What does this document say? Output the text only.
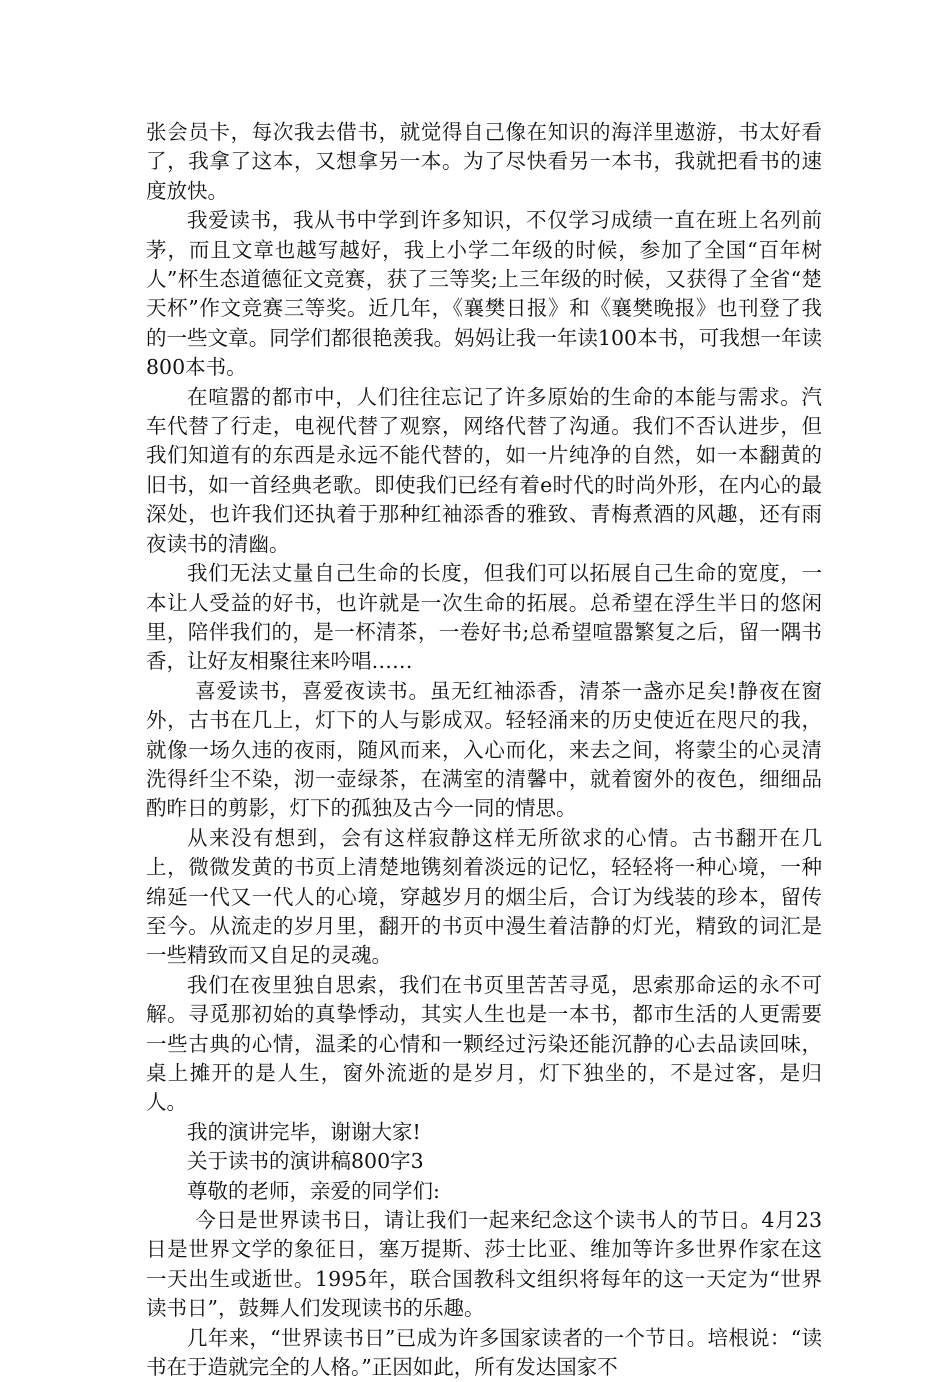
张会员卡，每次我去借书，就觉得自己像在知识的海洋里遨游，书太好看了，我拿了这本，又想拿另一本。为了尽快看另一本书，我就把看书的速度放快。

我爱读书，我从书中学到许多知识，不仅学习成绩一直在班上名列前茅，而且文章也越写越好，我上小学二年级的时候，参加了全国“百年树人”杯生态道德征文竞赛，获了三等奖;上三年级的时候，又获得了全省“楚天杯”作文竞赛三等奖。近几年，《襄樊日报》和《襄樊晚报》也刊登了我的一些文章。同学们都很艳羡我。妈妈让我一年读100本书，可我想一年读800本书。

在喧嚣的都市中，人们往往忘记了许多原始的生命的本能与需求。汽车代替了行走，电视代替了观察，网络代替了沟通。我们不否认进步，但我们知道有的东西是永远不能代替的，如一片纯净的自然，如一本翻黄的旧书，如一首经典老歌。即使我们已经有着e时代的时尚外形，在内心的最深处，也许我们还执着于那种红袖添香的雅致、青梅煮酒的风趣，还有雨夜读书的清幽。

我们无法丈量自己生命的长度，但我们可以拓展自己生命的宽度，一本让人受益的好书，也许就是一次生命的拓展。总希望在浮生半日的悠闲里，陪伴我们的，是一杯清茶，一卷好书;总希望喧嚣繁复之后，留一隅书香，让好友相聚往来吟唱……

喜爱读书，喜爱夜读书。虽无红袖添香，清茶一盏亦足矣!静夜在窗外，古书在几上，灯下的人与影成双。轻轻涌来的历史使近在咫尺的我，就像一场久违的夜雨，随风而来，入心而化，来去之间，将蒙尘的心灵清洗得纤尘不染，沏一壶绿茶，在满室的清馨中，就着窗外的夜色，细细品酌昨日的剪影，灯下的孤独及古今一同的情思。

从来没有想到，会有这样寂静这样无所欲求的心情。古书翻开在几上，微微发黄的书页上清楚地镌刻着淡远的记忆，轻轻将一种心境，一种绵延一代又一代人的心境，穿越岁月的烟尘后，合订为线装的珍本，留传至今。从流走的岁月里，翻开的书页中漫生着洁静的灯光，精致的词汇是一些精致而又自足的灵魂。

我们在夜里独自思索，我们在书页里苦苦寻觅，思索那命运的永不可解。寻觅那初始的真挚悸动，其实人生也是一本书，都市生活的人更需要一些古典的心情，温柔的心情和一颗经过污染还能沉静的心去品读回味，桌上摊开的是人生，窗外流逝的是岁月，灯下独坐的，不是过客，是归人。

我的演讲完毕，谢谢大家!

关于读书的演讲稿800字3

尊敬的老师，亲爱的同学们:

今日是世界读书日，请让我们一起来纪念这个读书人的节日。4月23日是世界文学的象征日，塞万提斯、莎士比亚、维加等许多世界作家在这一天出生或逝世。1995年，联合国教科文组织将每年的这一天定为“世界读书日”，鼓舞人们发现读书的乐趣。

几年来，“世界读书日”已成为许多国家读者的一个节日。培根说：“读书在于造就完全的人格。”正因如此，所有发达国家不
